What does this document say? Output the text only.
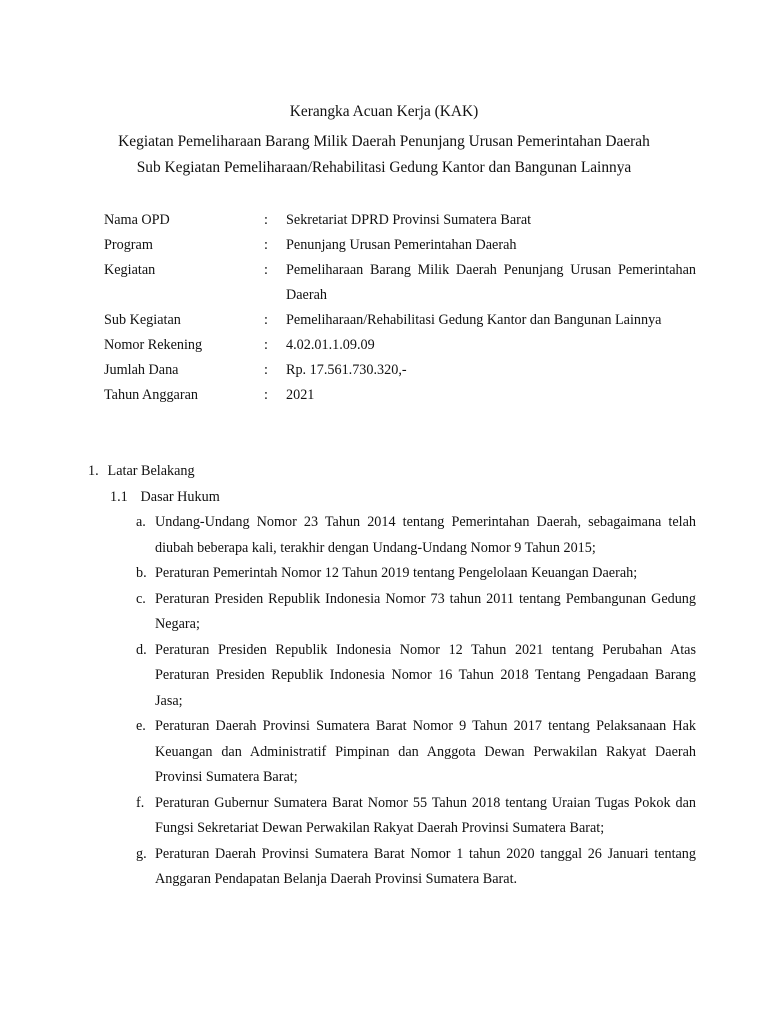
Kerangka Acuan Kerja (KAK)
Kegiatan Pemeliharaan Barang Milik Daerah Penunjang Urusan Pemerintahan Daerah
Sub Kegiatan Pemeliharaan/Rehabilitasi Gedung Kantor dan Bangunan Lainnya
Nama OPD	:	Sekretariat DPRD Provinsi Sumatera Barat
Program	:	Penunjang Urusan Pemerintahan Daerah
Kegiatan	:	Pemeliharaan Barang Milik Daerah Penunjang Urusan Pemerintahan Daerah
Sub Kegiatan	:	Pemeliharaan/Rehabilitasi Gedung Kantor dan Bangunan Lainnya
Nomor Rekening	:	4.02.01.1.09.09
Jumlah Dana	:	Rp. 17.561.730.320,-
Tahun Anggaran	:	2021
1. Latar Belakang
1.1 Dasar Hukum
a. Undang-Undang Nomor 23 Tahun 2014 tentang Pemerintahan Daerah, sebagaimana telah diubah beberapa kali, terakhir dengan Undang-Undang Nomor 9 Tahun 2015;
b. Peraturan Pemerintah Nomor 12 Tahun 2019 tentang Pengelolaan Keuangan Daerah;
c. Peraturan Presiden Republik Indonesia Nomor 73 tahun 2011 tentang Pembangunan Gedung Negara;
d. Peraturan Presiden Republik Indonesia Nomor 12 Tahun 2021 tentang Perubahan Atas Peraturan Presiden Republik Indonesia Nomor 16 Tahun 2018 Tentang Pengadaan Barang Jasa;
e. Peraturan Daerah Provinsi Sumatera Barat Nomor 9 Tahun 2017 tentang Pelaksanaan Hak Keuangan dan Administratif Pimpinan dan Anggota Dewan Perwakilan Rakyat Daerah Provinsi Sumatera Barat;
f. Peraturan Gubernur Sumatera Barat Nomor 55 Tahun 2018 tentang Uraian Tugas Pokok dan Fungsi Sekretariat Dewan Perwakilan Rakyat Daerah Provinsi Sumatera Barat;
g. Peraturan Daerah Provinsi Sumatera Barat Nomor 1 tahun 2020 tanggal 26 Januari tentang Anggaran Pendapatan Belanja Daerah Provinsi Sumatera Barat.
